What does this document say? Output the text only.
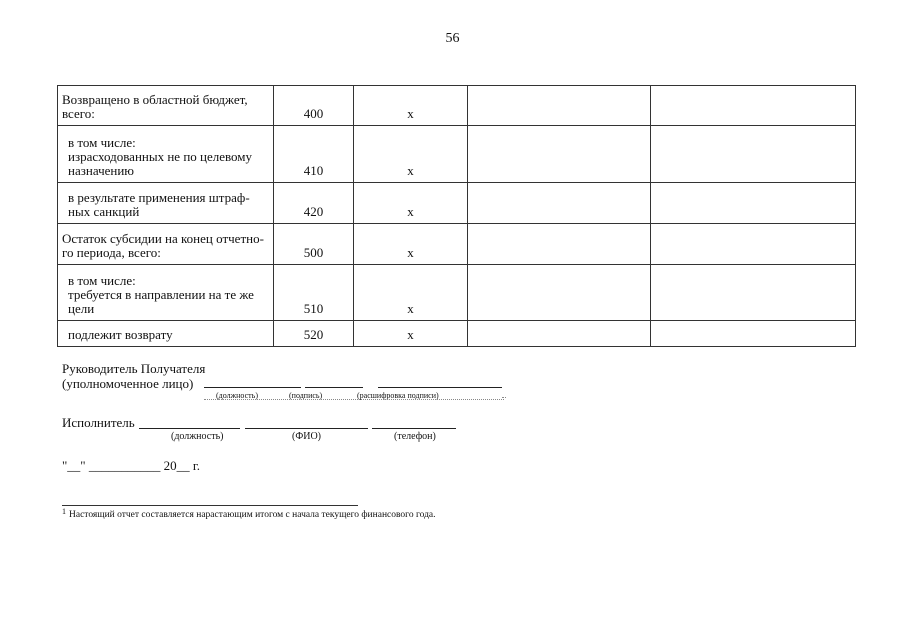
56
Возвращено в областной бюджет,
всего:	400	х		

в том числе:
израсходованных не по целевому
назначению	410	х		

в результате применения штраф-
ных санкций	420	х		

Остаток субсидии на конец отчетно-
го периода, всего:	500	х		

в том числе:
требуется в направлении на те же
цели	510	х		

подлежит возврату	520	х		
Руководитель Получателя
(уполномоченное лицо)
(должность)	(подпись)	(расшифровка подписи)
Исполнитель
(должность)	(ФИО)	(телефон)
"__" ___________ 20__ г.
$^1$ Настоящий отчет составляется нарастающим итогом с начала текущего финансового года.
